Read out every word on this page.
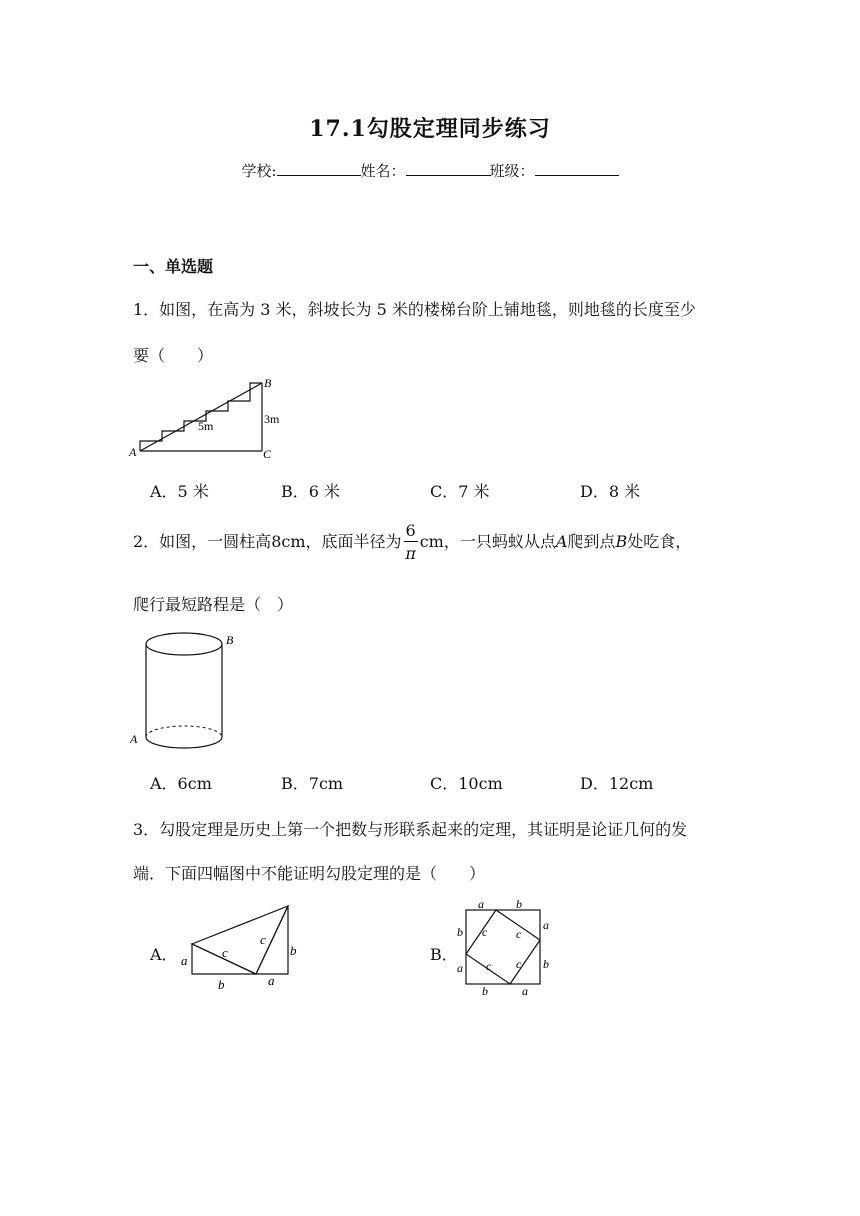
17.1勾股定理同步练习
学校:	姓名：	班级：
一、单选题
1．如图，在高为 3 米，斜坡长为 5 米的楼梯台阶上铺地毯，则地毯的长度至少
要（　　）
A
B
C
5m	3m
A．5 米	B．6 米	C．7 米	D．8 米
2．如图，一圆柱高8cm，底面半径为 $\frac{6}{\pi}$ cm，一只蚂蚁从点A爬到点B处吃食，
爬行最短路程是（　）
B
A
A．6cm	B．7cm	C．10cm	D．12cm
3．勾股定理是历史上第一个把数与形联系起来的定理，其证明是论证几何的发
端．下面四幅图中不能证明勾股定理的是（　　）
A． a
b
c
c
b
a
B．
a	b
b
a
a
b
b	a
c c
c c
